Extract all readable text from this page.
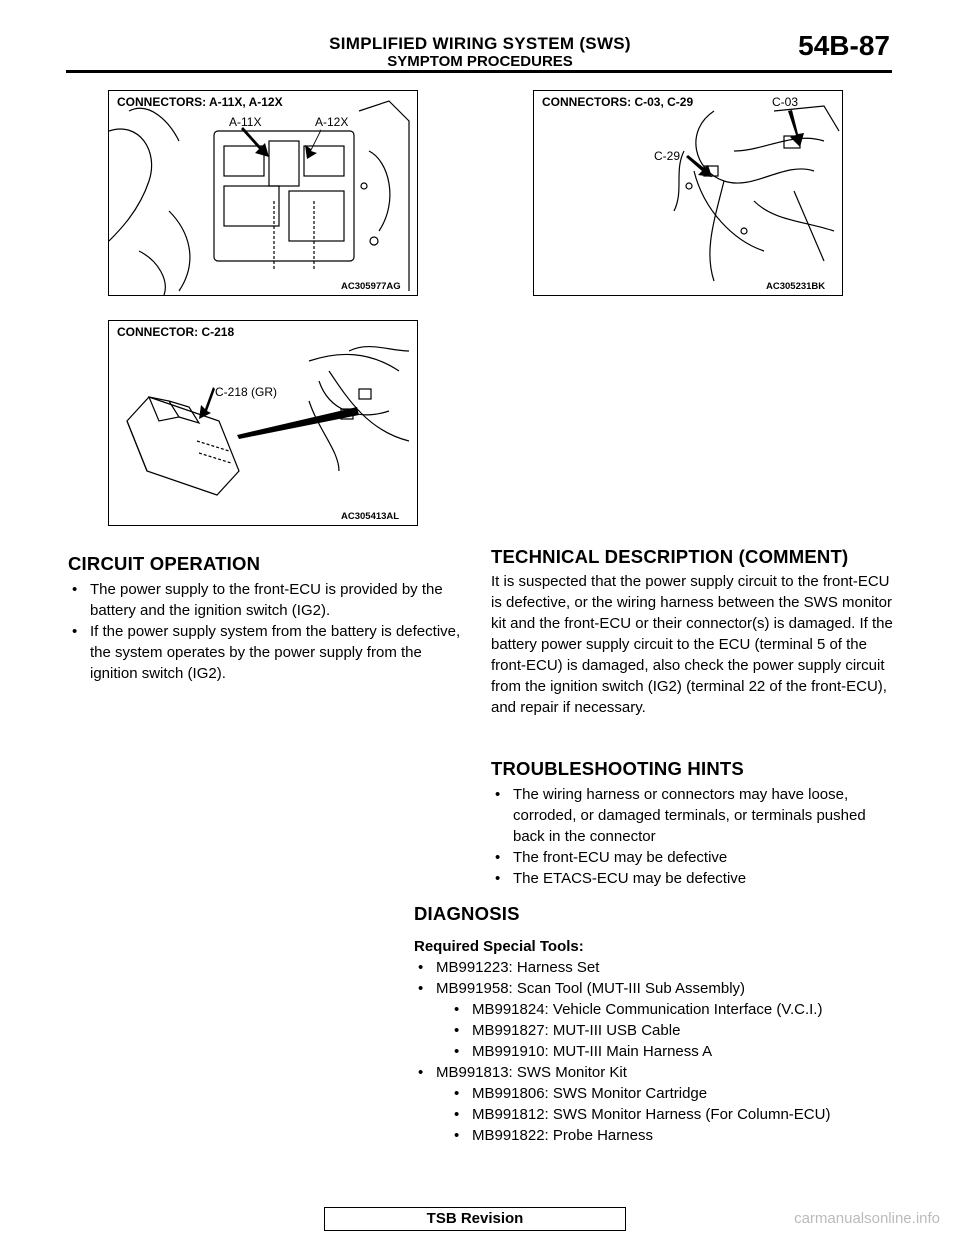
SIMPLIFIED WIRING SYSTEM (SWS)
SYMPTOM PROCEDURES
54B-87
CONNECTORS: A-11X, A-12X
A-11X	A-12X
AC305977AG
CONNECTORS: C-03, C-29	C-03
C-29
AC305231BK
CONNECTOR: C-218
C-218 (GR)
AC305413AL
CIRCUIT OPERATION
• The power supply to the front-ECU is provided by the battery and the ignition switch (IG2).
• If the power supply system from the battery is defective, the system operates by the power supply from the ignition switch (IG2).
TECHNICAL DESCRIPTION (COMMENT)
It is suspected that the power supply circuit to the front-ECU is defective, or the wiring harness between the SWS monitor kit and the front-ECU or their connector(s) is damaged. If the battery power supply circuit to the ECU (terminal 5 of the front-ECU) is damaged, also check the power supply circuit from the ignition switch (IG2) (terminal 22 of the front-ECU), and repair if necessary.
TROUBLESHOOTING HINTS
• The wiring harness or connectors may have loose, corroded, or damaged terminals, or terminals pushed back in the connector
• The front-ECU may be defective
• The ETACS-ECU may be defective
DIAGNOSIS
Required Special Tools:
• MB991223: Harness Set
• MB991958: Scan Tool (MUT-III Sub Assembly)
• MB991824: Vehicle Communication Interface (V.C.I.)
• MB991827: MUT-III USB Cable
• MB991910: MUT-III Main Harness A
• MB991813: SWS Monitor Kit
• MB991806: SWS Monitor Cartridge
• MB991812: SWS Monitor Harness (For Column-ECU)
• MB991822: Probe Harness
TSB Revision	carmanualsonline.info
